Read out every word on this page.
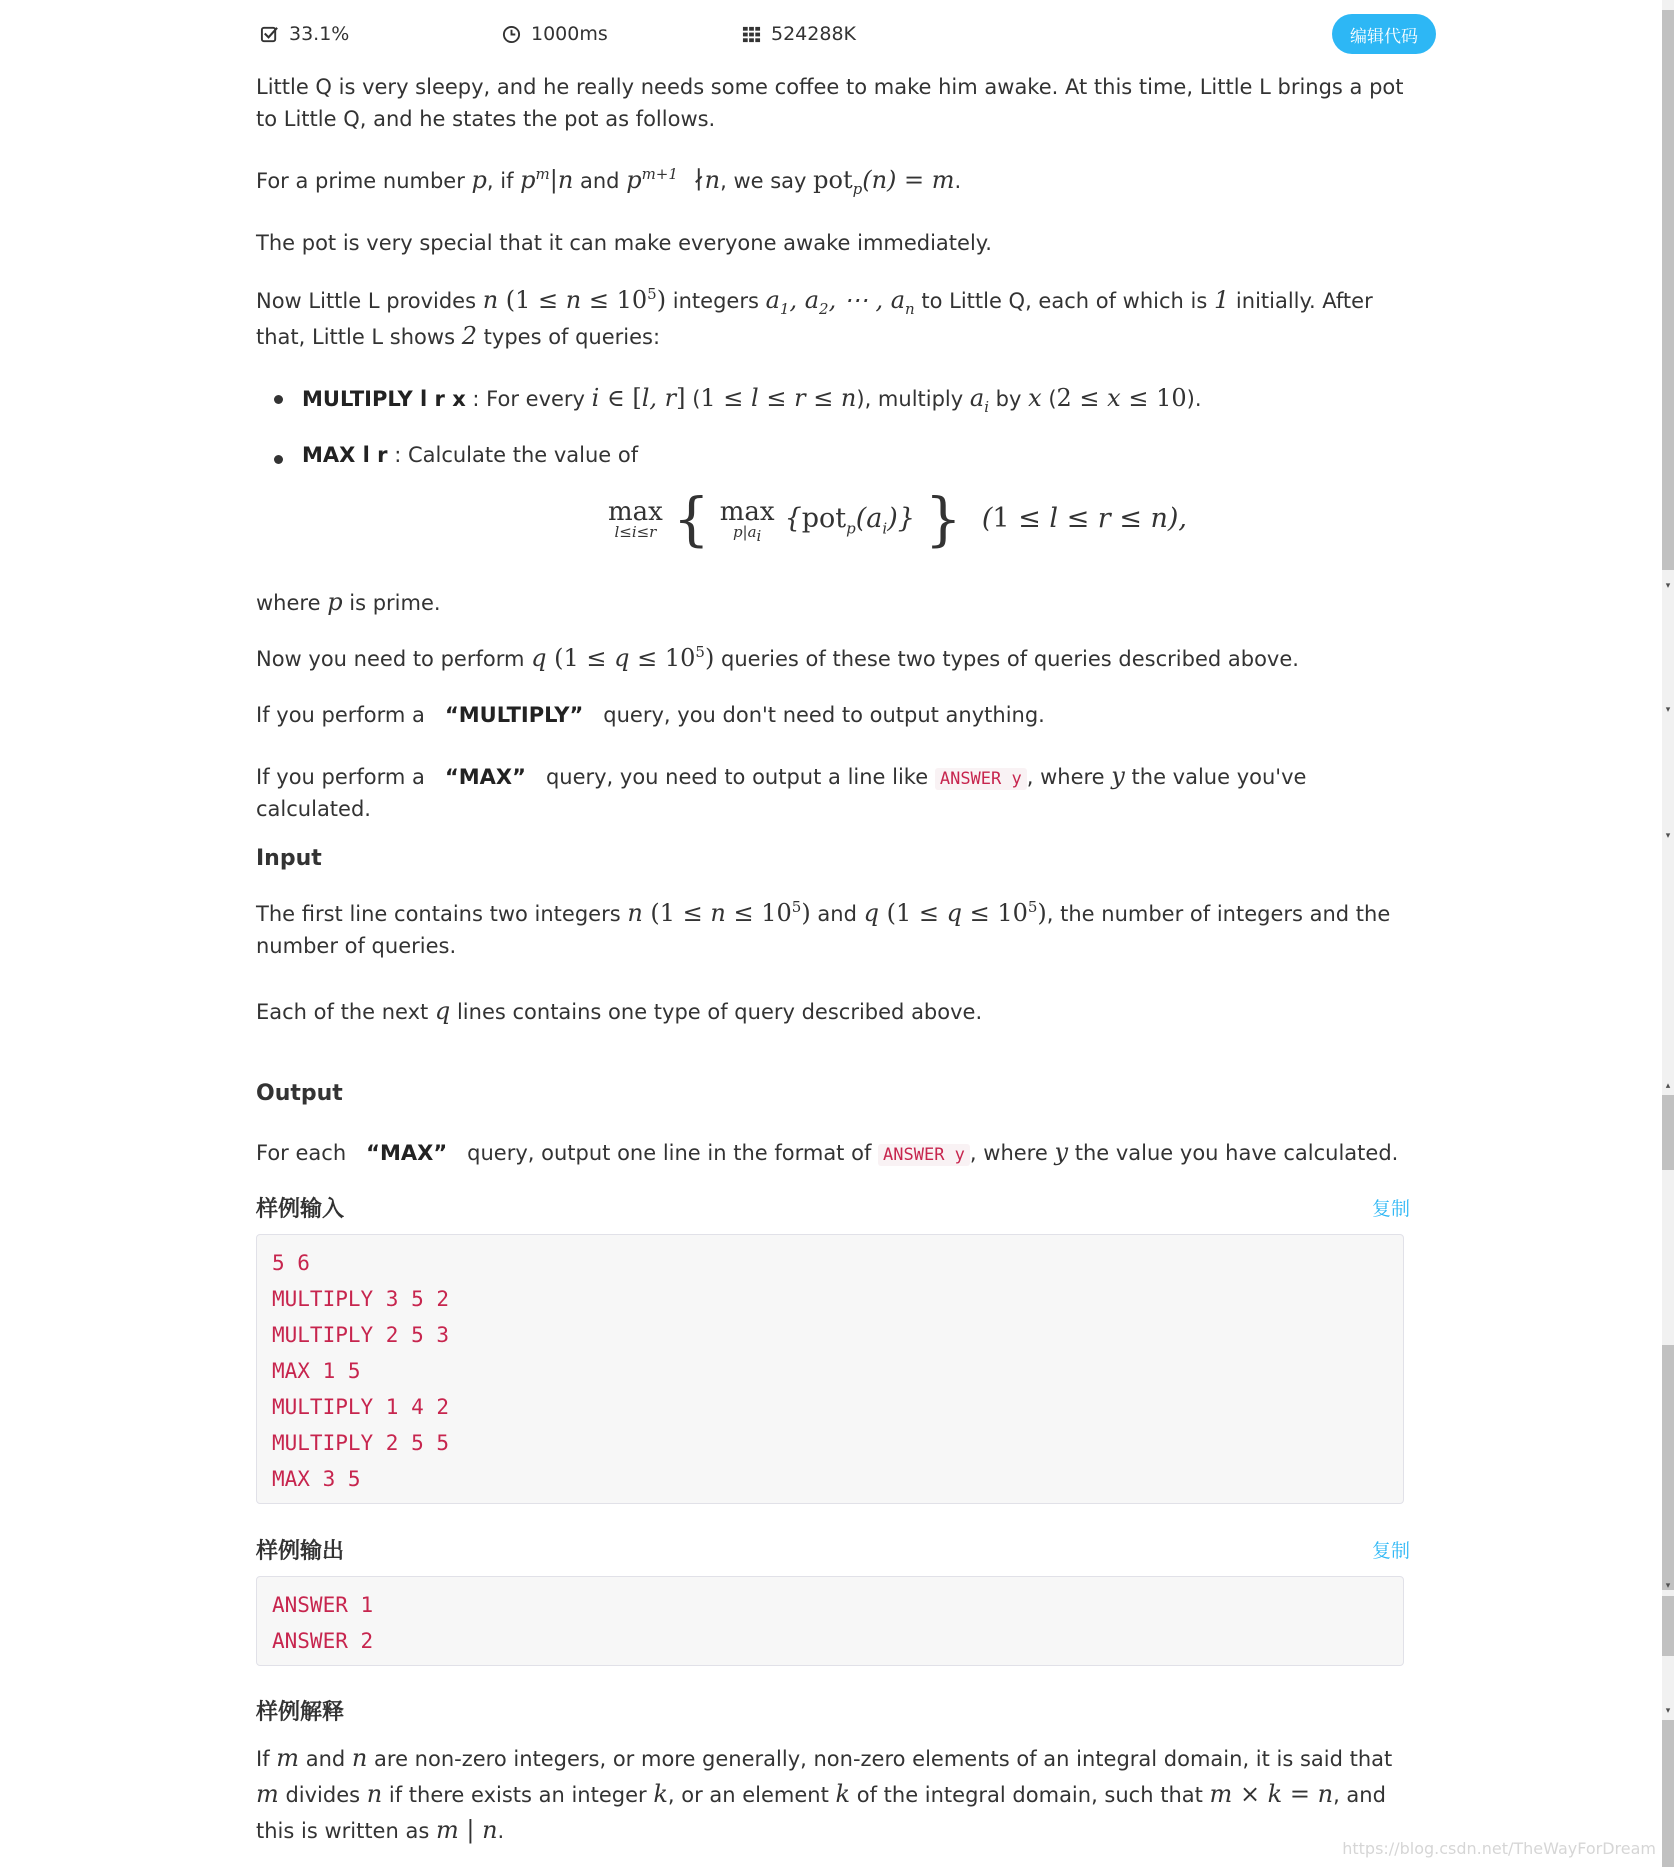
33.1%	1000ms	524288K	编辑代码

Little Q is very sleepy, and he really needs some coffee to make him awake. At this time, Little L brings a pot to Little Q, and he states the pot as follows.

For a prime number p, if $p^m|n$ and $p^{m+1}$  ∤n, we say pot$_p$(n) = m.

The pot is very special that it can make everyone awake immediately.

Now Little L provides n $(1 \le n \le 10^5)$ integers $a_1$, $a_2$, ⋯ , $a_n$ to Little Q, each of which is 1 initially. After that, Little L shows 2 types of queries:

MULTIPLY l r x : For every i ∈ [l, r] (1 ≤ l ≤ r ≤ n), multiply $a_i$ by x (2 ≤ x ≤ 10).
MAX l r : Calculate the value of
max
l≤i≤r { max
$p|a_i$
$\{pot_p(a_i)\}$ } (1 ≤ l ≤ r ≤ n),

where p is prime.

Now you need to perform q $(1 \le q \le 10^5)$ queries of these two types of queries described above.

If you perform a “MULTIPLY” query, you don't need to output anything.

If you perform a “MAX” query, you need to output a line like ANSWER y , where y the value you've calculated.

Input

The first line contains two integers n $(1 \le n \le 10^5)$ and q $(1 \le q \le 10^5)$, the number of integers and the number of queries.

Each of the next q lines contains one type of query described above.

Output

For each “MAX” query, output one line in the format of ANSWER y , where y the value you have calculated.

样例输入	复制
5 6
MULTIPLY 3 5 2
MULTIPLY 2 5 3
MAX 1 5
MULTIPLY 1 4 2
MULTIPLY 2 5 5
MAX 3 5
样例输出	复制
ANSWER 1
ANSWER 2
样例解释

If m and n are non-zero integers, or more generally, non-zero elements of an integral domain, it is said that m divides n if there exists an integer k, or an element k of the integral domain, such that m × k = n, and this is written as m | n.

▾
▾
▾
▴
▾
▾
https://blog.csdn.net/TheWayForDream
